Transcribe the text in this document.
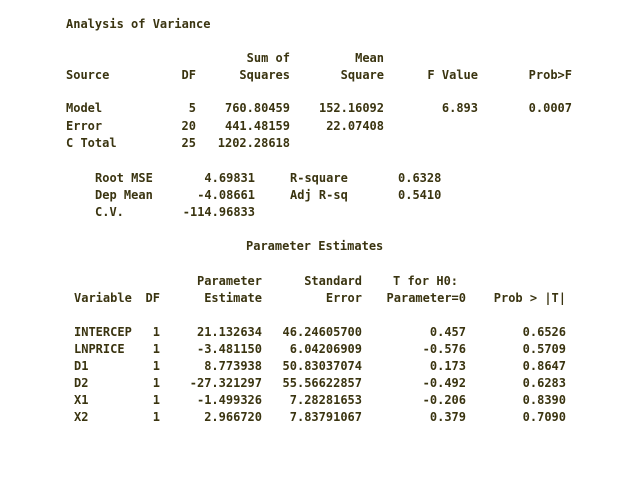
Analysis of Variance
Sum of	Mean
Source	DF	Squares	Square	F Value	Prob>F
Model	5	760.80459	152.16092	6.893	0.0007
Error	20	441.48159	22.07408
C Total	25	1202.28618
Root MSE	4.69831	R-square	0.6328
Dep Mean	-4.08661	Adj R-sq	0.5410
C.V.	-114.96833
Parameter Estimates
Parameter	Standard	T for H0:
Variable	DF	Estimate	Error	Parameter=0	Prob > |T|
INTERCEP	1	21.132634	46.24605700	0.457	0.6526
LNPRICE	1	-3.481150	6.04206909	-0.576	0.5709
D1	1	8.773938	50.83037074	0.173	0.8647
D2	1	-27.321297	55.56622857	-0.492	0.6283
X1	1	-1.499326	7.28281653	-0.206	0.8390
X2	1	2.966720	7.83791067	0.379	0.7090
